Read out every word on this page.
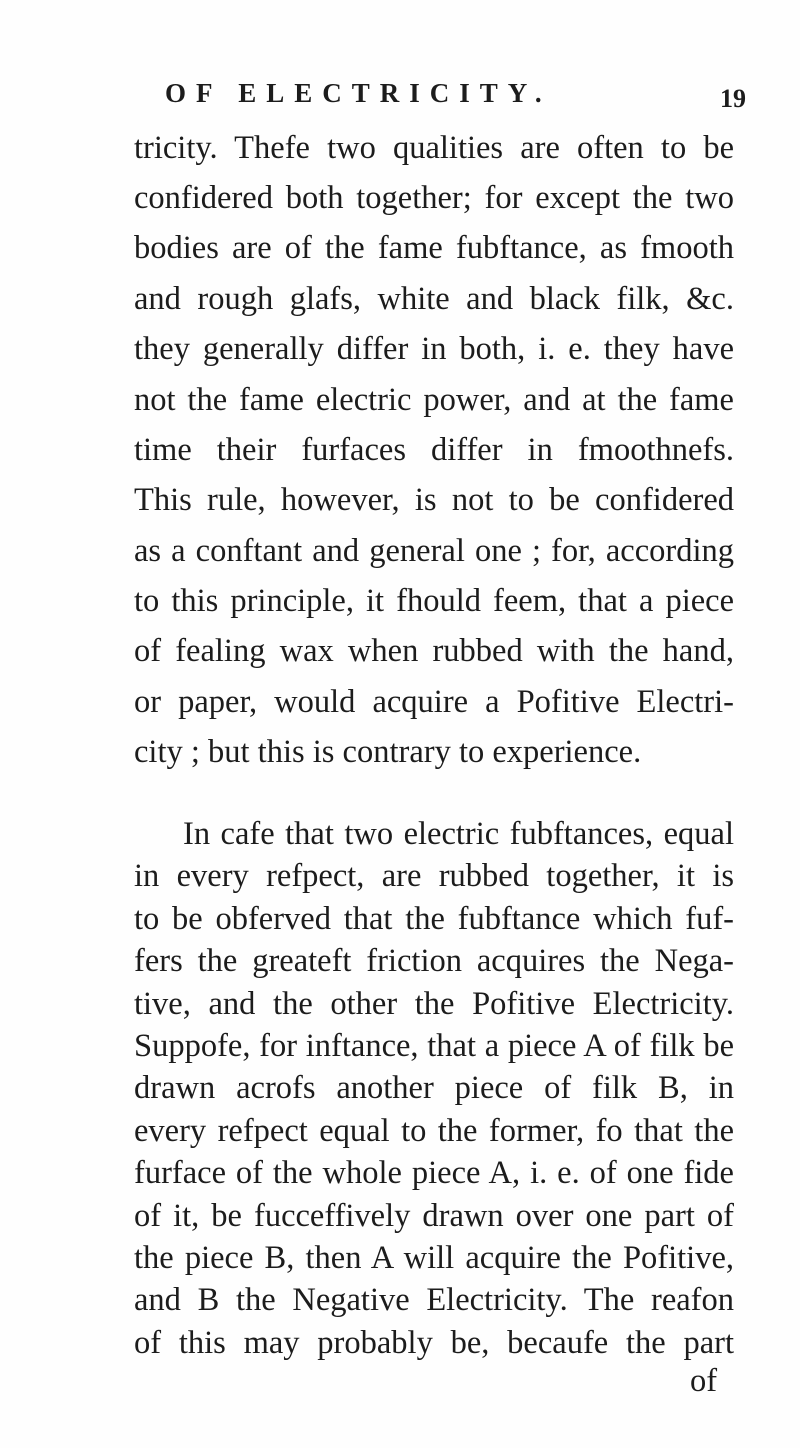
OF ELECTRICITY.	19
tricity. Thefe two qualities are often to be
confidered both together; for except the two
bodies are of the fame fubftance, as fmooth
and rough glafs, white and black filk, &c.
they generally differ in both, i. e. they have
not the fame electric power, and at the fame
time their furfaces differ in fmoothnefs.
This rule, however, is not to be confidered
as a conftant and general one ; for, according
to this principle, it fhould feem, that a piece
of fealing wax when rubbed with the hand,
or paper, would acquire a Pofitive Electri-
city ; but this is contrary to experience.
In cafe that two electric fubftances, equal
in every refpect, are rubbed together, it is
to be obferved that the fubftance which fuf-
fers the greateft friction acquires the Nega-
tive, and the other the Pofitive Electricity.
Suppofe, for inftance, that a piece A of filk be
drawn acrofs another piece of filk B, in
every refpect equal to the former, fo that the
furface of the whole piece A, i. e. of one fide
of it, be fucceffively drawn over one part of
the piece B, then A will acquire the Pofitive,
and B the Negative Electricity. The reafon
of this may probably be, becaufe the part
of
